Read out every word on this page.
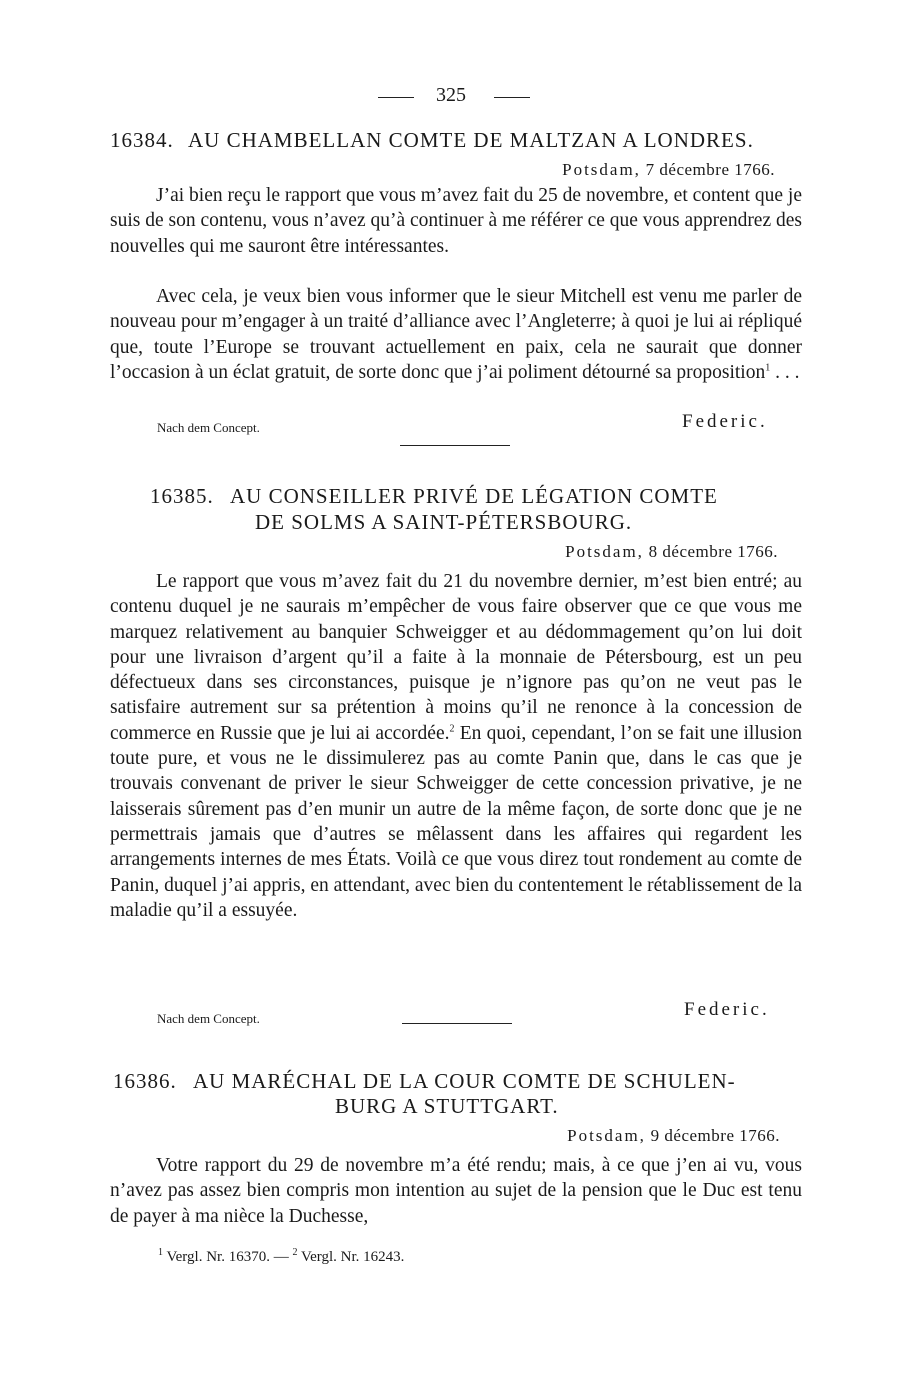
325
16384. AU CHAMBELLAN COMTE DE MALTZAN A LONDRES.
Potsdam, 7 décembre 1766.

J’ai bien reçu le rapport que vous m’avez fait du 25 de novembre, et content que je suis de son contenu, vous n’avez qu’à continuer à me référer ce que vous apprendrez des nouvelles qui me sauront être intéressantes.

Avec cela, je veux bien vous informer que le sieur Mitchell est venu me parler de nouveau pour m’engager à un traité d’alliance avec l’Angleterre; à quoi je lui ai répliqué que, toute l’Europe se trouvant actuellement en paix, cela ne saurait que donner l’occasion à un éclat gratuit, de sorte donc que j’ai poliment détourné sa proposition$^1$ . . .

Nach dem Concept.	Federic.
16385. AU CONSEILLER PRIVÉ DE LÉGATION COMTE
DE SOLMS A SAINT-PÉTERSBOURG.
Potsdam, 8 décembre 1766.

Le rapport que vous m’avez fait du 21 du novembre dernier, m’est bien entré; au contenu duquel je ne saurais m’empêcher de vous faire observer que ce que vous me marquez relativement au banquier Schweigger et au dédommagement qu’on lui doit pour une livraison d’argent qu’il a faite à la monnaie de Pétersbourg, est un peu défectueux dans ses circonstances, puisque je n’ignore pas qu’on ne veut pas le satisfaire autrement sur sa prétention à moins qu’il ne renonce à la concession de commerce en Russie que je lui ai accordée.$^2$ En quoi, cependant, l’on se fait une illusion toute pure, et vous ne le dissimulerez pas au comte Panin que, dans le cas que je trouvais convenant de priver le sieur Schweigger de cette concession privative, je ne laisserais sûrement pas d’en munir un autre de la même façon, de sorte donc que je ne permettrais jamais que d’autres se mêlassent dans les affaires qui regardent les arrangements internes de mes États. Voilà ce que vous direz tout rondement au comte de Panin, duquel j’ai appris, en attendant, avec bien du contentement le rétablissement de la maladie qu’il a essuyée.

Nach dem Concept.	Federic.
16386. AU MARÉCHAL DE LA COUR COMTE DE SCHULEN-
BURG A STUTTGART.
Potsdam, 9 décembre 1766.

Votre rapport du 29 de novembre m’a été rendu; mais, à ce que j’en ai vu, vous n’avez pas assez bien compris mon intention au sujet de la pension que le Duc est tenu de payer à ma nièce la Duchesse,

$^1$ Vergl. Nr. 16370. — $^2$ Vergl. Nr. 16243.
